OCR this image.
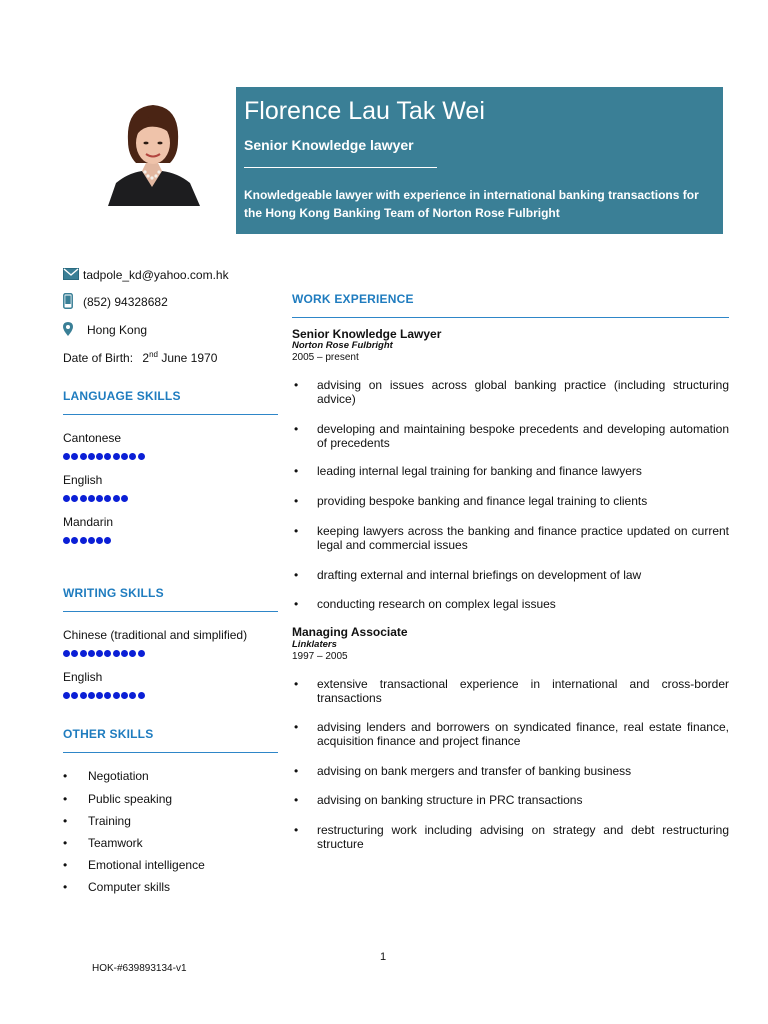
Florence Lau Tak Wei
Senior Knowledge lawyer
Knowledgeable lawyer with experience in international banking transactions for the Hong Kong Banking Team of Norton Rose Fulbright
tadpole_kd@yahoo.com.hk
(852) 94328682
Hong Kong
Date of Birth: 2nd June 1970
LANGUAGE SKILLS
Cantonese
English
Mandarin
WRITING SKILLS
Chinese (traditional and simplified)
English
OTHER SKILLS
• Negotiation
• Public speaking
• Training
• Teamwork
• Emotional intelligence
• Computer skills
WORK EXPERIENCE
Senior Knowledge Lawyer
Norton Rose Fulbright
2005 – present
• advising on issues across global banking practice (including structuring advice)
• developing and maintaining bespoke precedents and developing automation of precedents
• leading internal legal training for banking and finance lawyers
• providing bespoke banking and finance legal training to clients
• keeping lawyers across the banking and finance practice updated on current legal and commercial issues
• drafting external and internal briefings on development of law
• conducting research on complex legal issues
Managing Associate
Linklaters
1997 – 2005
• extensive transactional experience in international and cross-border transactions
• advising lenders and borrowers on syndicated finance, real estate finance, acquisition finance and project finance
• advising on bank mergers and transfer of banking business
• advising on banking structure in PRC transactions
• restructuring work including advising on strategy and debt restructuring structure
1
HOK-#639893134-v1
